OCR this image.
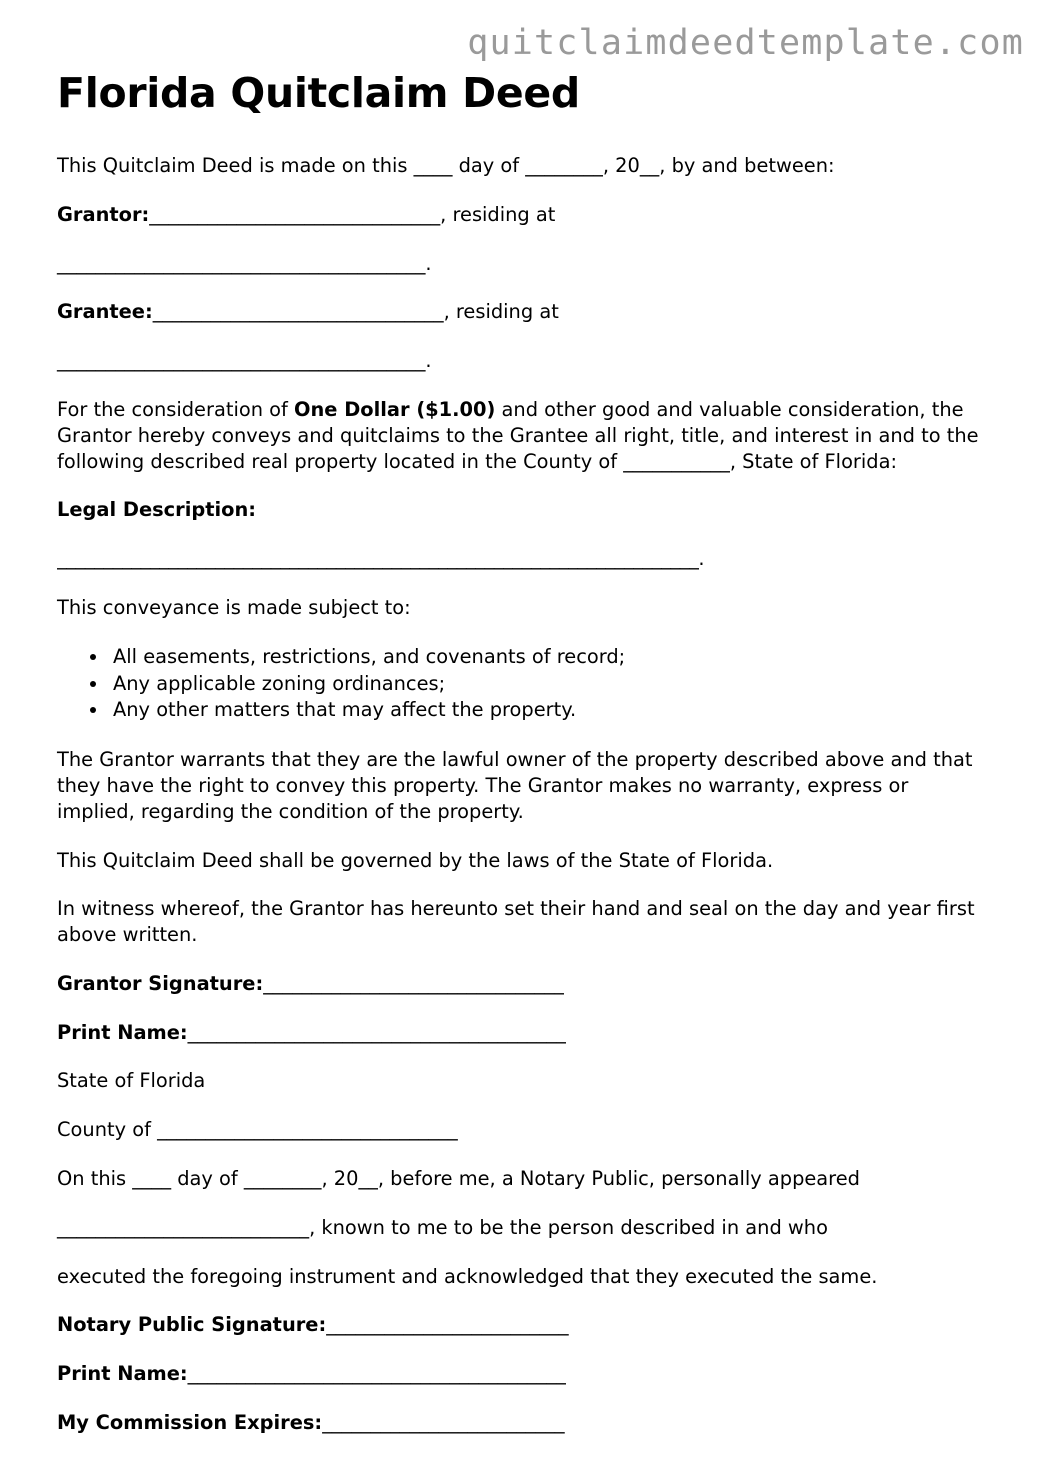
quitclaimdeedtemplate.com
Florida Quitclaim Deed

This Quitclaim Deed is made on this ____ day of ________, 20__, by and between:

Grantor:______________________________, residing at

______________________________________.

Grantee:______________________________, residing at

______________________________________.

For the consideration of One Dollar ($1.00) and other good and valuable consideration, the Grantor hereby conveys and quitclaims to the Grantee all right, title, and interest in and to the following described real property located in the County of ___________, State of Florida:

Legal Description:

_____________________________________________________________________.

This conveyance is made subject to:

• All easements, restrictions, and covenants of record;
• Any applicable zoning ordinances;
• Any other matters that may affect the property.

The Grantor warrants that they are the lawful owner of the property described above and that they have the right to convey this property. The Grantor makes no warranty, express or implied, regarding the condition of the property.

This Quitclaim Deed shall be governed by the laws of the State of Florida.

In witness whereof, the Grantor has hereunto set their hand and seal on the day and year first above written.

Grantor Signature:_______________________________

Print Name:_______________________________________

State of Florida

County of _______________________________

On this ____ day of ________, 20__, before me, a Notary Public, personally appeared

__________________________, known to me to be the person described in and who

executed the foregoing instrument and acknowledged that they executed the same.

Notary Public Signature:_________________________

Print Name:_______________________________________

My Commission Expires:_________________________
